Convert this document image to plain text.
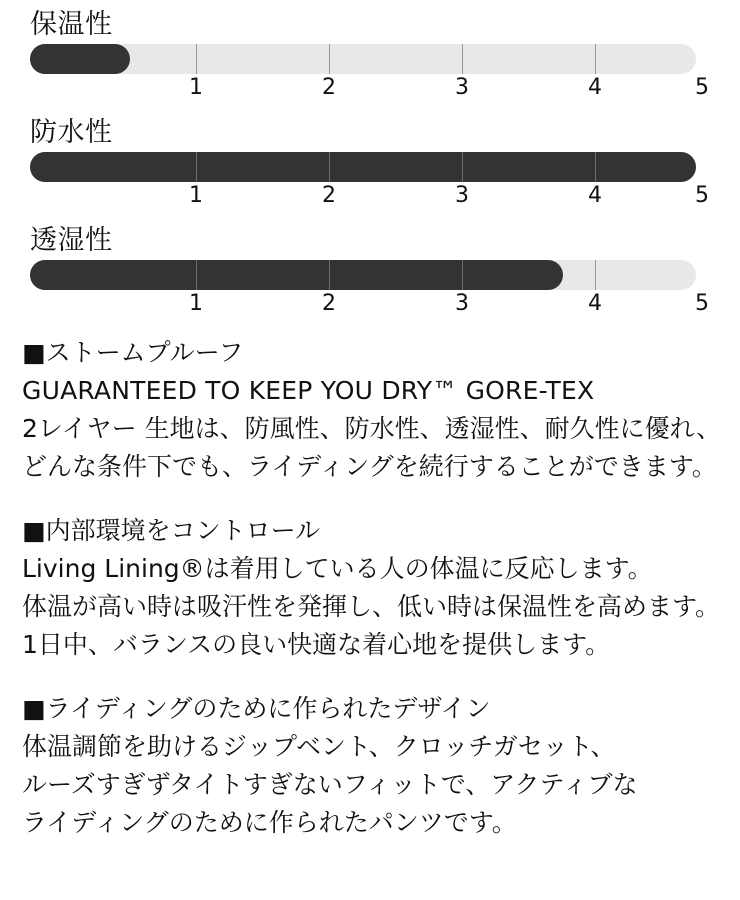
保温性
1	2	3	4	5
防水性
1	2	3	4	5
透湿性
1	2	3	4	5

■ストームプルーフ

GUARANTEED TO KEEP YOU DRY™ GORE-TEX

2レイヤー 生地は、防風性、防水性、透湿性、耐久性に優れ、

どんな条件下でも、ライディングを続行することができます。

■内部環境をコントロール

Living Lining®は着用している人の体温に反応します。

体温が高い時は吸汗性を発揮し、低い時は保温性を高めます。

1日中、バランスの良い快適な着心地を提供します。

■ライディングのために作られたデザイン

体温調節を助けるジップベント、クロッチガセット、

ルーズすぎずタイトすぎないフィットで、アクティブな

ライディングのために作られたパンツです。
